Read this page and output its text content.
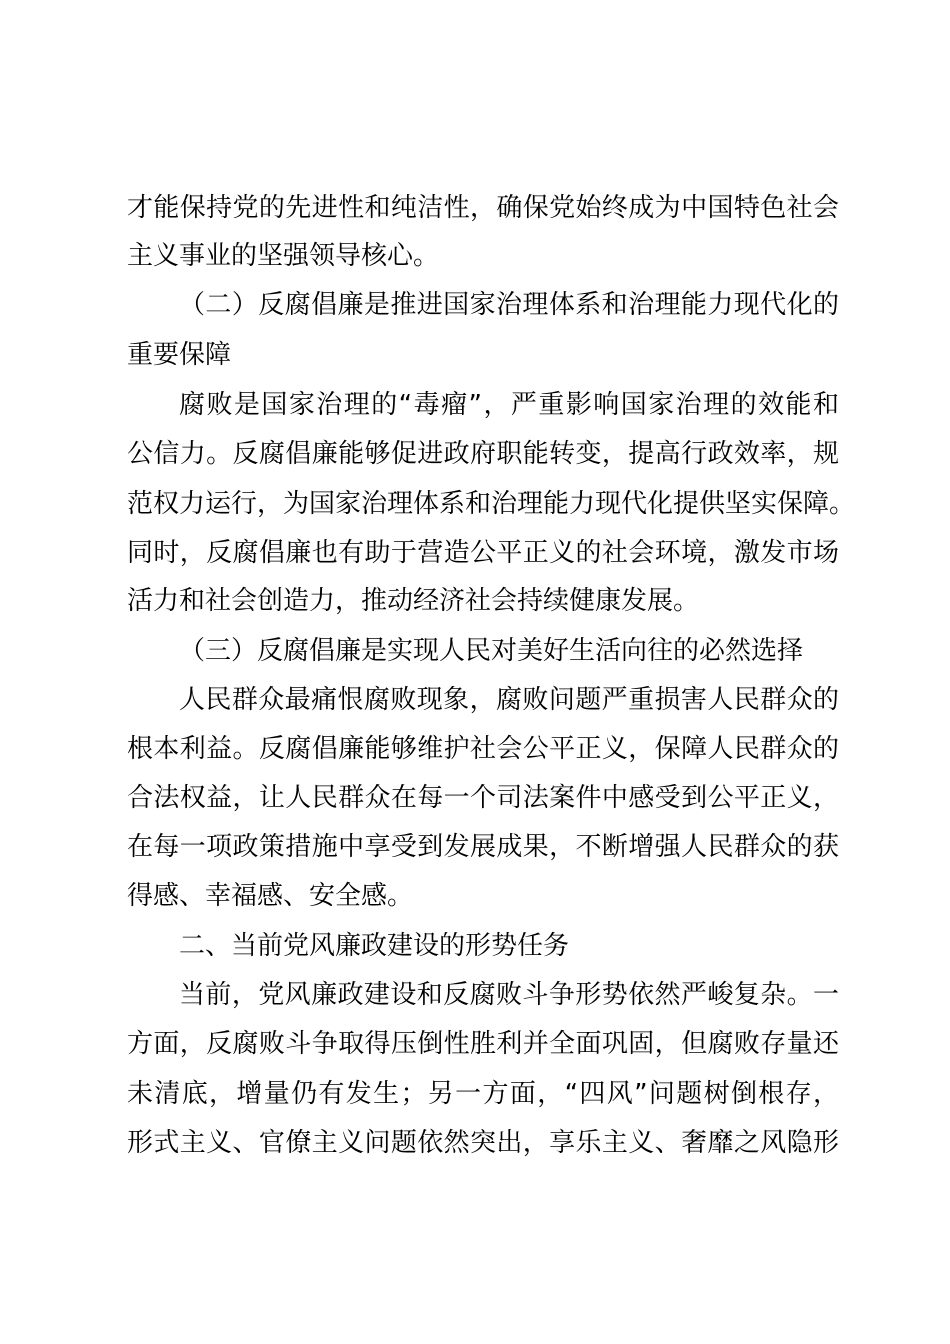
才能保持党的先进性和纯洁性，确保党始终成为中国特色社会
主义事业的坚强领导核心。
（二）反腐倡廉是推进国家治理体系和治理能力现代化的
重要保障
腐败是国家治理的“毒瘤”，严重影响国家治理的效能和
公信力。反腐倡廉能够促进政府职能转变，提高行政效率，规
范权力运行，为国家治理体系和治理能力现代化提供坚实保障。
同时，反腐倡廉也有助于营造公平正义的社会环境，激发市场
活力和社会创造力，推动经济社会持续健康发展。
（三）反腐倡廉是实现人民对美好生活向往的必然选择
人民群众最痛恨腐败现象，腐败问题严重损害人民群众的
根本利益。反腐倡廉能够维护社会公平正义，保障人民群众的
合法权益，让人民群众在每一个司法案件中感受到公平正义，
在每一项政策措施中享受到发展成果，不断增强人民群众的获
得感、幸福感、安全感。
二、当前党风廉政建设的形势任务
当前，党风廉政建设和反腐败斗争形势依然严峻复杂。一
方面，反腐败斗争取得压倒性胜利并全面巩固，但腐败存量还
未清底，增量仍有发生；另一方面，“四风”问题树倒根存，
形式主义、官僚主义问题依然突出，享乐主义、奢靡之风隐形
